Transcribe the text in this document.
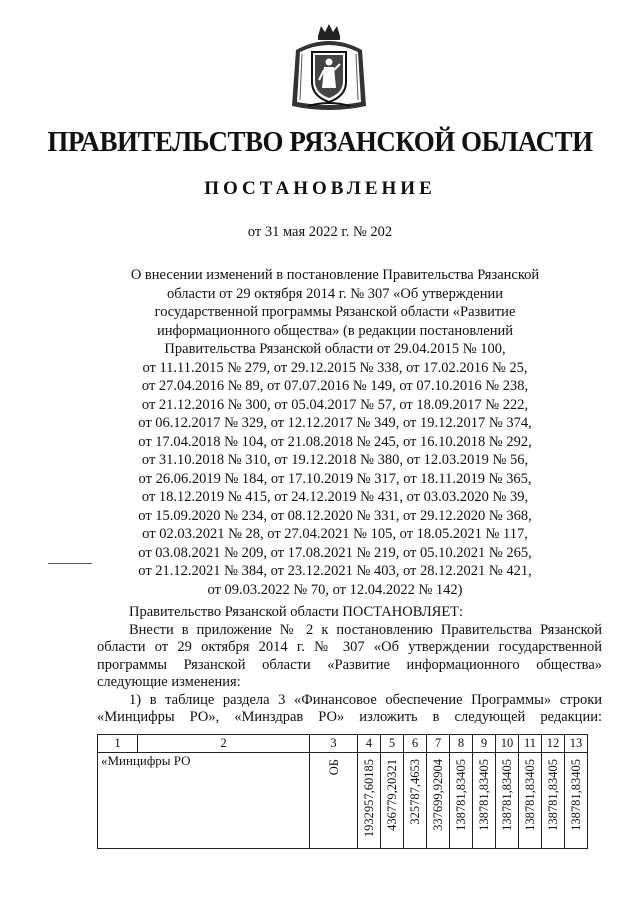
ПРАВИТЕЛЬСТВО РЯЗАНСКОЙ ОБЛАСТИ
ПОСТАНОВЛЕНИЕ
от 31 мая 2022 г. № 202
О внесении изменений в постановление Правительства Рязанской
области от 29 октября 2014 г. № 307 «Об утверждении
государственной программы Рязанской области «Развитие
информационного общества» (в редакции постановлений
Правительства Рязанской области от 29.04.2015 № 100,
от 11.11.2015 № 279, от 29.12.2015 № 338, от 17.02.2016 № 25,
от 27.04.2016 № 89, от 07.07.2016 № 149, от 07.10.2016 № 238,
от 21.12.2016 № 300, от 05.04.2017 № 57, от 18.09.2017 № 222,
от 06.12.2017 № 329, от 12.12.2017 № 349, от 19.12.2017 № 374,
от 17.04.2018 № 104, от 21.08.2018 № 245, от 16.10.2018 № 292,
от 31.10.2018 № 310, от 19.12.2018 № 380, от 12.03.2019 № 56,
от 26.06.2019 № 184, от 17.10.2019 № 317, от 18.11.2019 № 365,
от 18.12.2019 № 415, от 24.12.2019 № 431, от 03.03.2020 № 39,
от 15.09.2020 № 234, от 08.12.2020 № 331, от 29.12.2020 № 368,
от 02.03.2021 № 28, от 27.04.2021 № 105, от 18.05.2021 № 117,
от 03.08.2021 № 209, от 17.08.2021 № 219, от 05.10.2021 № 265,
от 21.12.2021 № 384, от 23.12.2021 № 403, от 28.12.2021 № 421,
от 09.03.2022 № 70, от 12.04.2022 № 142)
Правительство Рязанской области ПОСТАНОВЛЯЕТ:
Внести в приложение № 2 к постановлению Правительства Рязанской
области от 29 октября 2014 г. № 307 «Об утверждении государственной
программы Рязанской области «Развитие информационного общества»
следующие изменения:
1) в таблице раздела 3 «Финансовое обеспечение Программы» строки
«Минцифры РО», «Минздрав РО» изложить в следующей редакции:
1	2	3	4	5	6	7	8	9	10	11	12	13
«Минцифры РО		ОБ	1932957,60185	436779,20321	325787,4653	337699,92904	138781,83405	138781,83405	138781,83405	138781,83405	138781,83405	138781,83405
